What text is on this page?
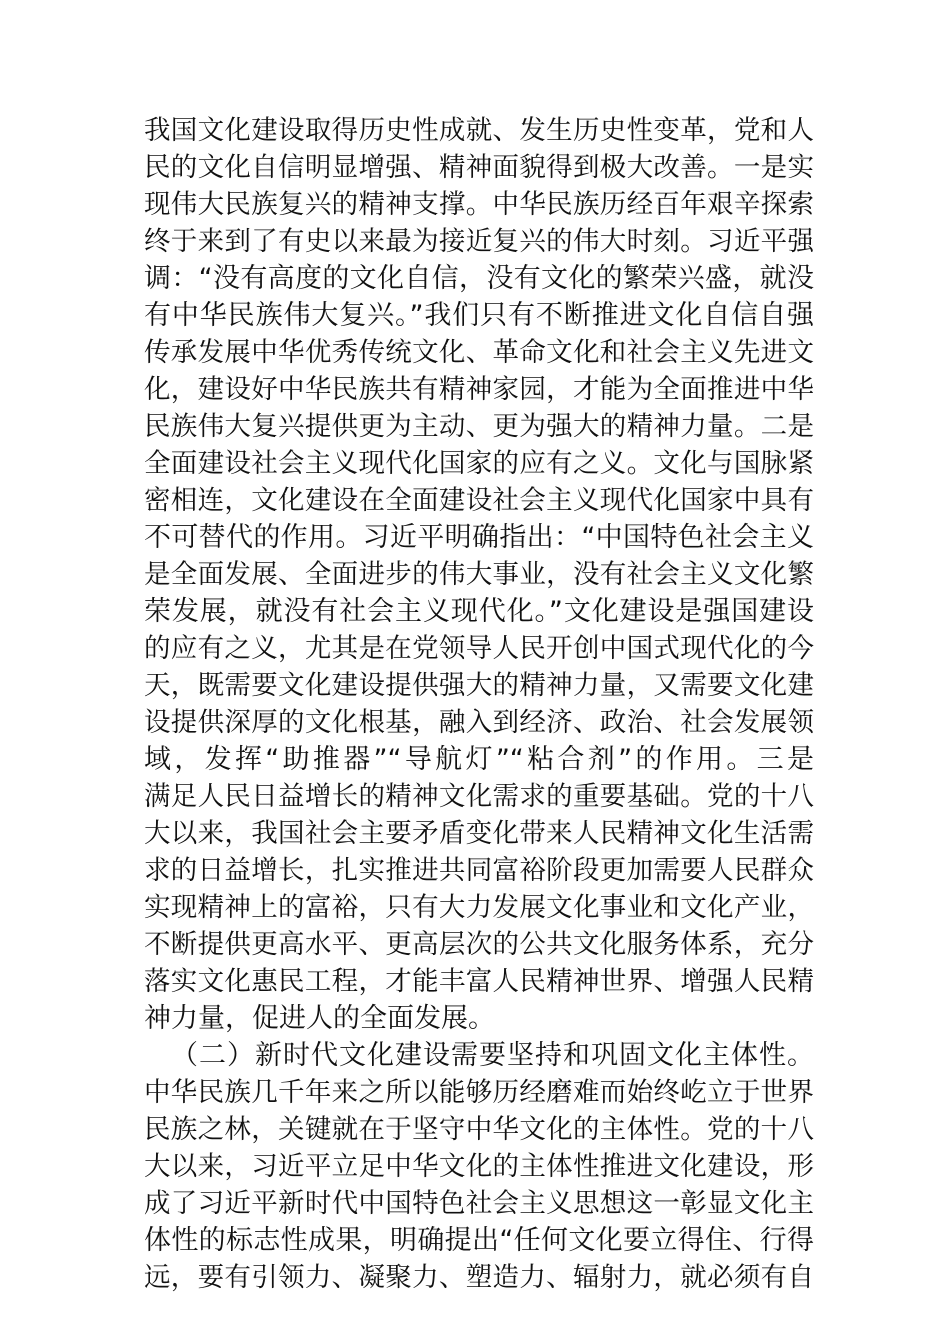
我国文化建设取得历史性成就、发生历史性变革，党和人
民的文化自信明显增强、精神面貌得到极大改善。一是实
现伟大民族复兴的精神支撑。中华民族历经百年艰辛探索
终于来到了有史以来最为接近复兴的伟大时刻。习近平强
调：“没有高度的文化自信，没有文化的繁荣兴盛，就没
有中华民族伟大复兴。”我们只有不断推进文化自信自强
传承发展中华优秀传统文化、革命文化和社会主义先进文
化，建设好中华民族共有精神家园，才能为全面推进中华
民族伟大复兴提供更为主动、更为强大的精神力量。二是
全面建设社会主义现代化国家的应有之义。文化与国脉紧
密相连，文化建设在全面建设社会主义现代化国家中具有
不可替代的作用。习近平明确指出：“中国特色社会主义
是全面发展、全面进步的伟大事业，没有社会主义文化繁
荣发展，就没有社会主义现代化。”文化建设是强国建设
的应有之义，尤其是在党领导人民开创中国式现代化的今
天，既需要文化建设提供强大的精神力量，又需要文化建
设提供深厚的文化根基，融入到经济、政治、社会发展领
域，发挥“助推器”“导航灯”“粘合剂”的作用。三是
满足人民日益增长的精神文化需求的重要基础。党的十八
大以来，我国社会主要矛盾变化带来人民精神文化生活需
求的日益增长，扎实推进共同富裕阶段更加需要人民群众
实现精神上的富裕，只有大力发展文化事业和文化产业，
不断提供更高水平、更高层次的公共文化服务体系，充分
落实文化惠民工程，才能丰富人民精神世界、增强人民精
神力量，促进人的全面发展。
（二）新时代文化建设需要坚持和巩固文化主体性。
中华民族几千年来之所以能够历经磨难而始终屹立于世界
民族之林，关键就在于坚守中华文化的主体性。党的十八
大以来，习近平立足中华文化的主体性推进文化建设，形
成了习近平新时代中国特色社会主义思想这一彰显文化主
体性的标志性成果，明确提出“任何文化要立得住、行得
远，要有引领力、凝聚力、塑造力、辐射力，就必须有自
